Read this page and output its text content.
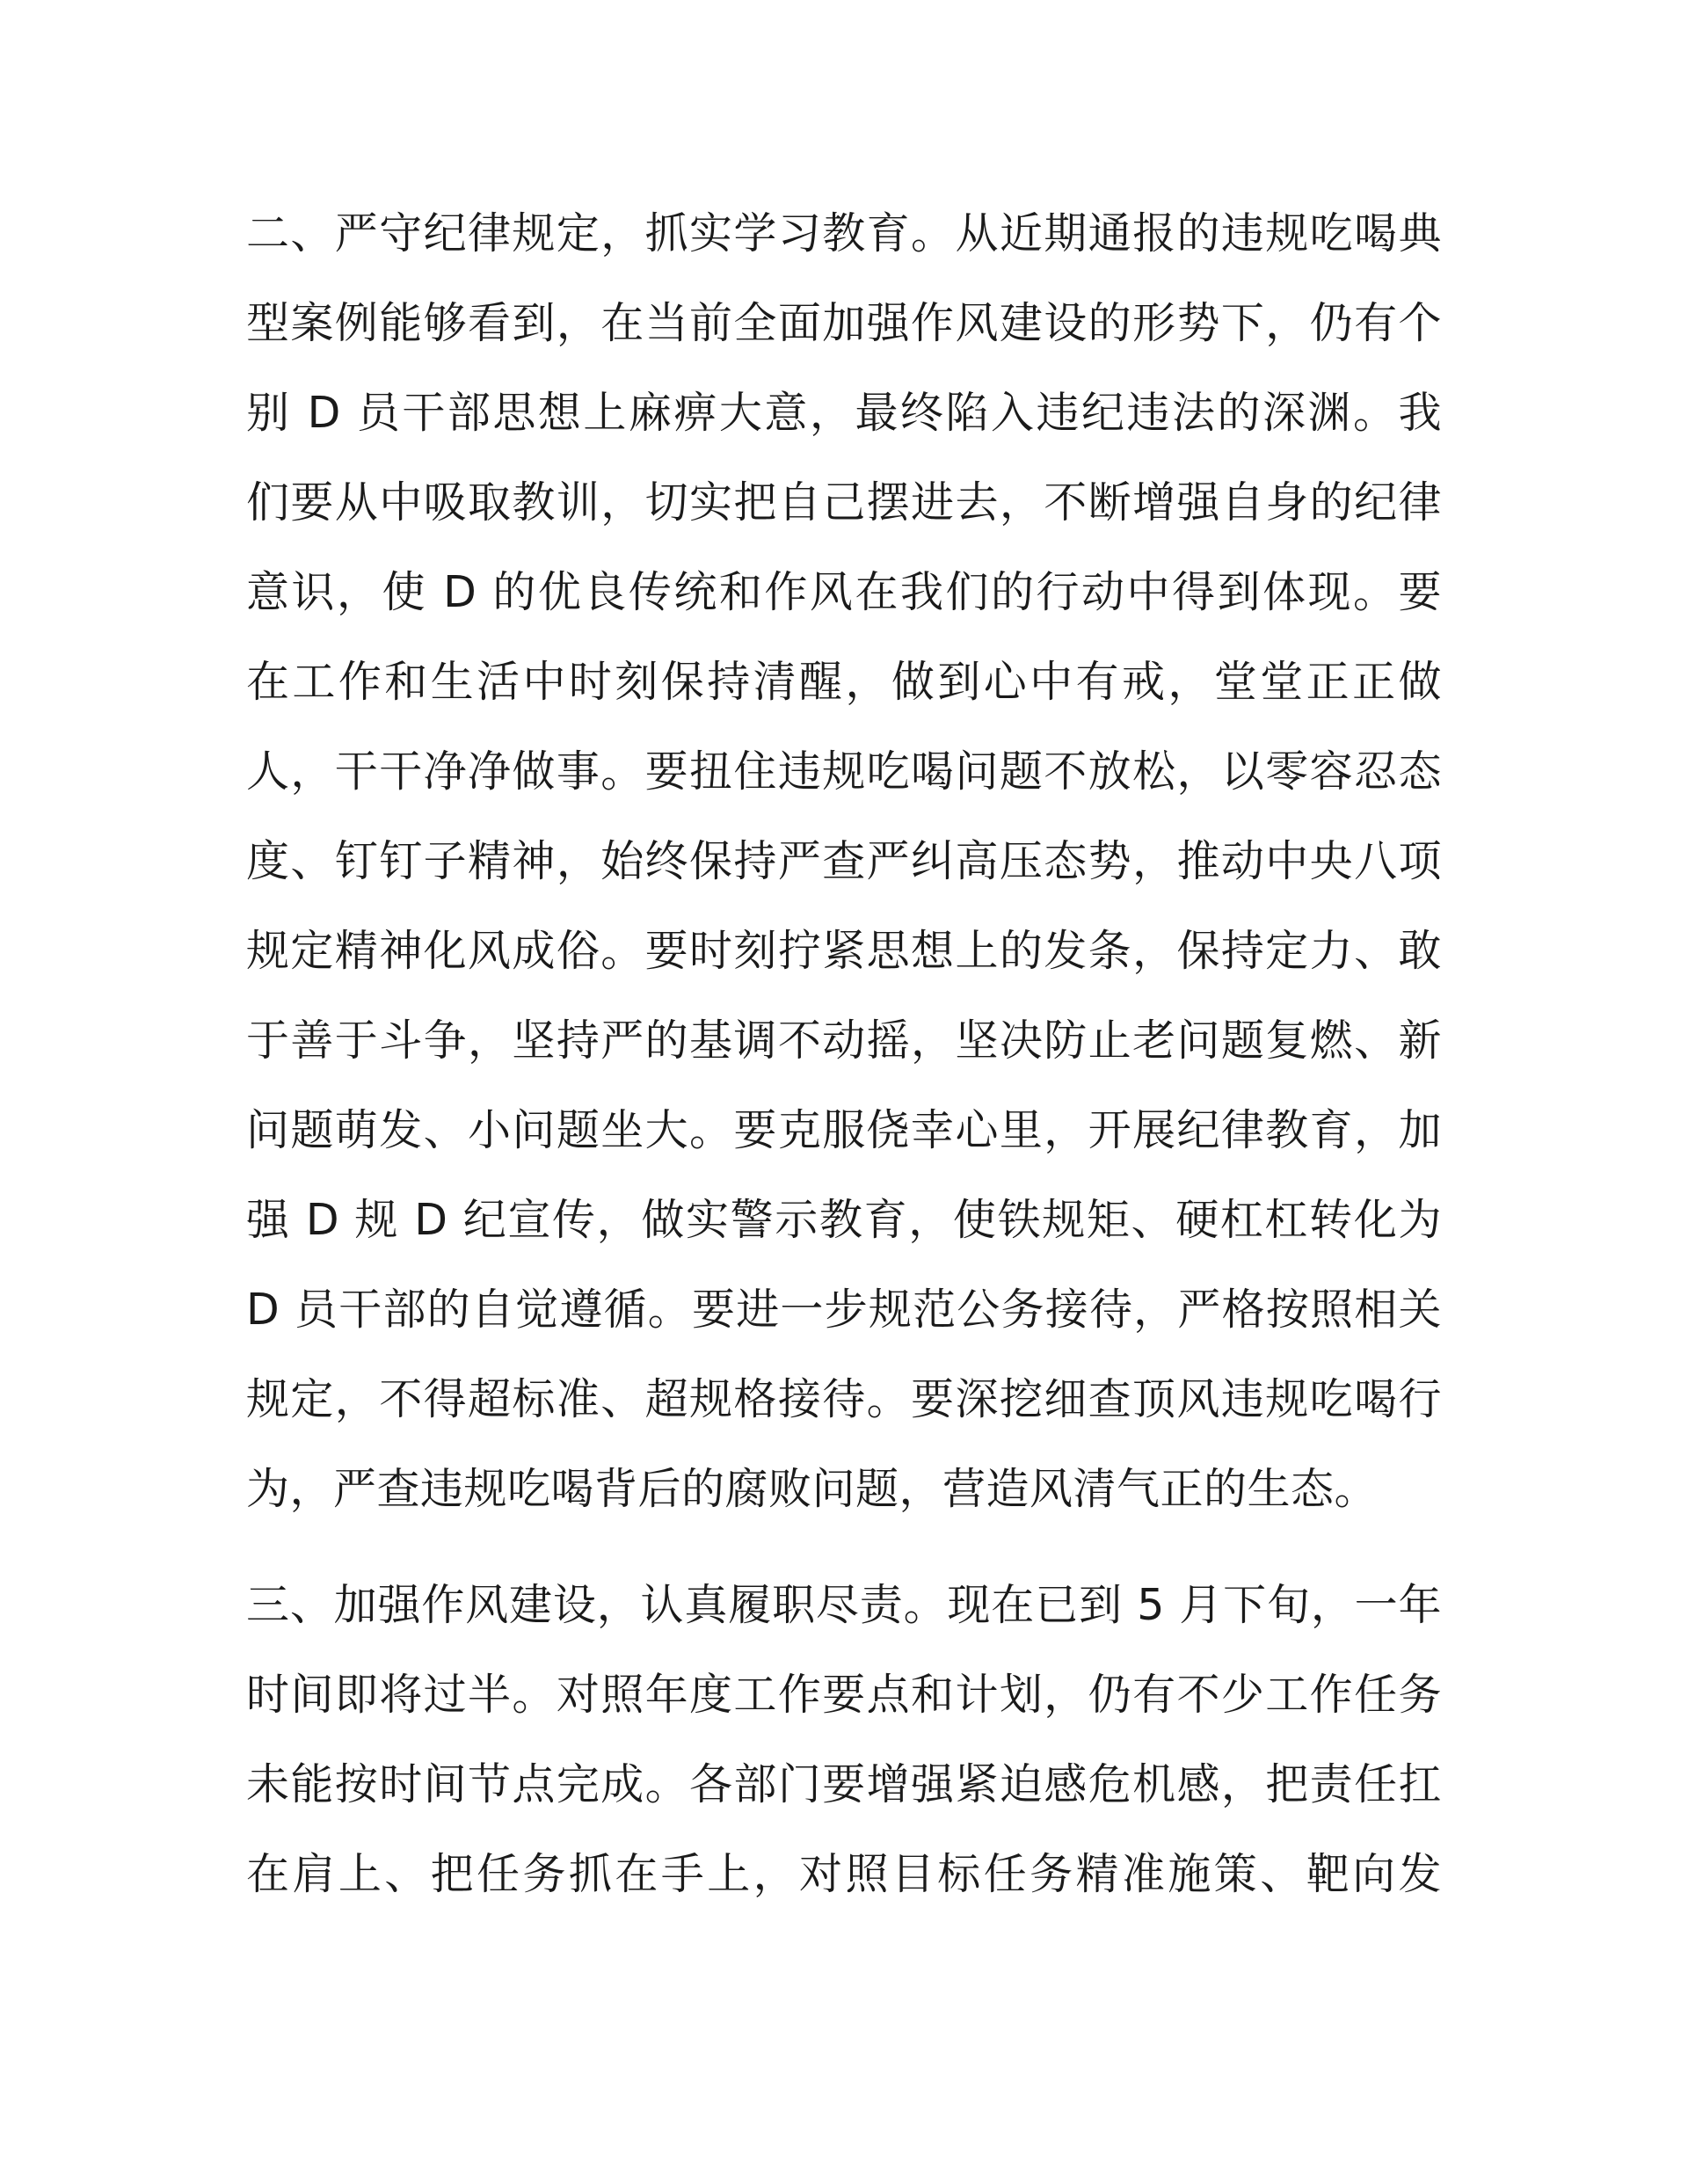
二、严守纪律规定，抓实学习教育。从近期通报的违规吃喝典
型案例能够看到，在当前全面加强作风建设的形势下，仍有个
别 D 员干部思想上麻痹大意，最终陷入违纪违法的深渊。我
们要从中吸取教训，切实把自己摆进去，不断增强自身的纪律
意识，使 D 的优良传统和作风在我们的行动中得到体现。要
在工作和生活中时刻保持清醒，做到心中有戒，堂堂正正做
人，干干净净做事。要扭住违规吃喝问题不放松，以零容忍态
度、钉钉子精神，始终保持严查严纠高压态势，推动中央八项
规定精神化风成俗。要时刻拧紧思想上的发条，保持定力、敢
于善于斗争，坚持严的基调不动摇，坚决防止老问题复燃、新
问题萌发、小问题坐大。要克服侥幸心里，开展纪律教育，加
强 D 规 D 纪宣传，做实警示教育，使铁规矩、硬杠杠转化为
D 员干部的自觉遵循。要进一步规范公务接待，严格按照相关
规定，不得超标准、超规格接待。要深挖细查顶风违规吃喝行
为，严查违规吃喝背后的腐败问题，营造风清气正的生态。
三、加强作风建设，认真履职尽责。现在已到 5 月下旬，一年
时间即将过半。对照年度工作要点和计划，仍有不少工作任务
未能按时间节点完成。各部门要增强紧迫感危机感，把责任扛
在肩上、把任务抓在手上，对照目标任务精准施策、靶向发
